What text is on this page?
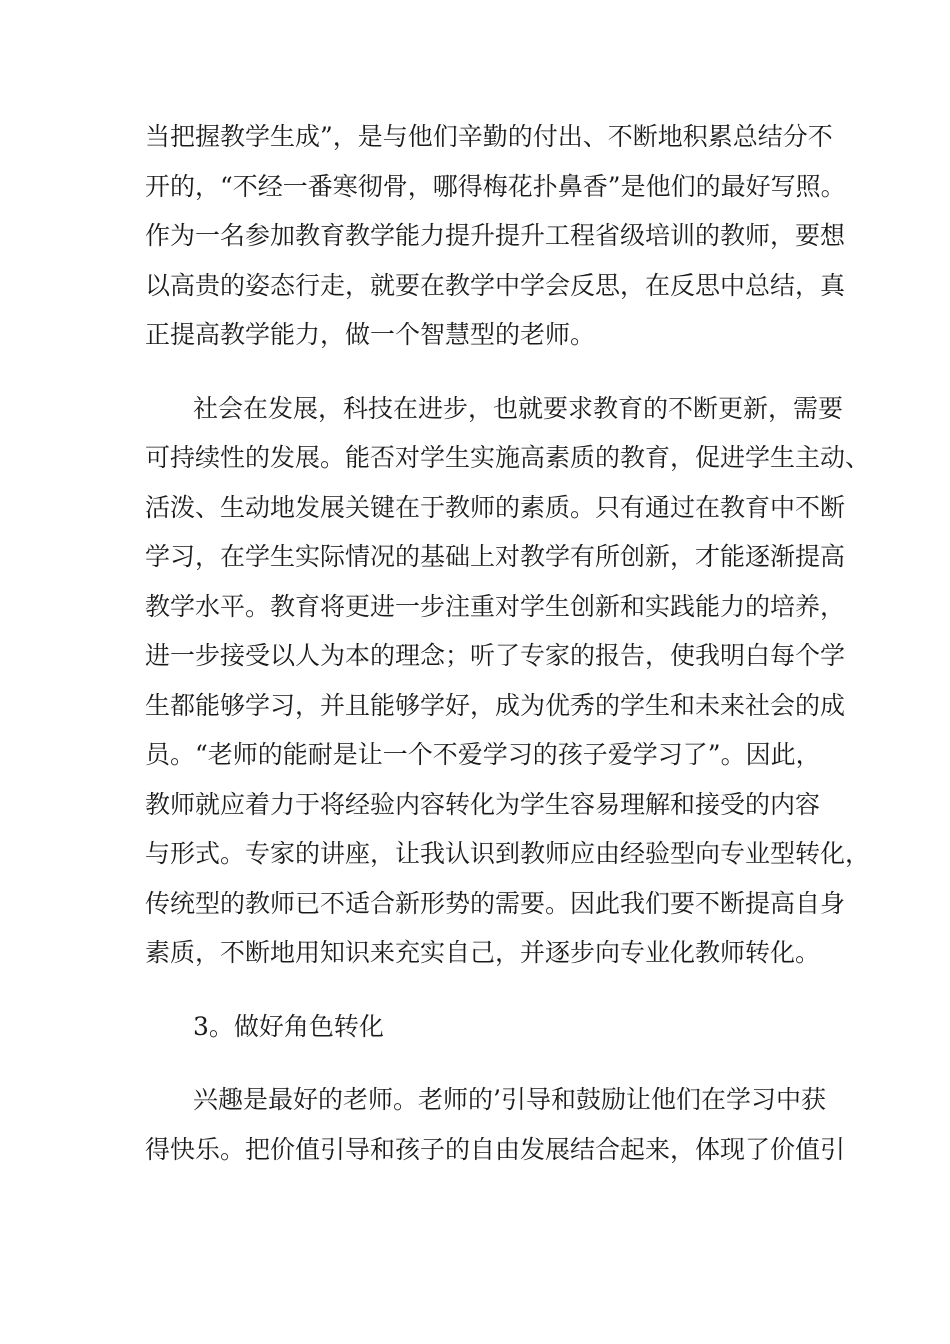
当把握教学生成”，是与他们辛勤的付出、不断地积累总结分不
开的，“不经一番寒彻骨，哪得梅花扑鼻香”是他们的最好写照。
作为一名参加教育教学能力提升提升工程省级培训的教师，要想
以高贵的姿态行走，就要在教学中学会反思，在反思中总结，真
正提高教学能力，做一个智慧型的老师。
社会在发展，科技在进步，也就要求教育的不断更新，需要
可持续性的发展。能否对学生实施高素质的教育，促进学生主动、
活泼、生动地发展关键在于教师的素质。只有通过在教育中不断
学习，在学生实际情况的基础上对教学有所创新，才能逐渐提高
教学水平。教育将更进一步注重对学生创新和实践能力的培养，
进一步接受以人为本的理念；听了专家的报告，使我明白每个学
生都能够学习，并且能够学好，成为优秀的学生和未来社会的成
员。“老师的能耐是让一个不爱学习的孩子爱学习了”。因此，
教师就应着力于将经验内容转化为学生容易理解和接受的内容
与形式。专家的讲座，让我认识到教师应由经验型向专业型转化，
传统型的教师已不适合新形势的需要。因此我们要不断提高自身
素质，不断地用知识来充实自己，并逐步向专业化教师转化。
3。做好角色转化
兴趣是最好的老师。老师的’引导和鼓励让他们在学习中获
得快乐。把价值引导和孩子的自由发展结合起来，体现了价值引
